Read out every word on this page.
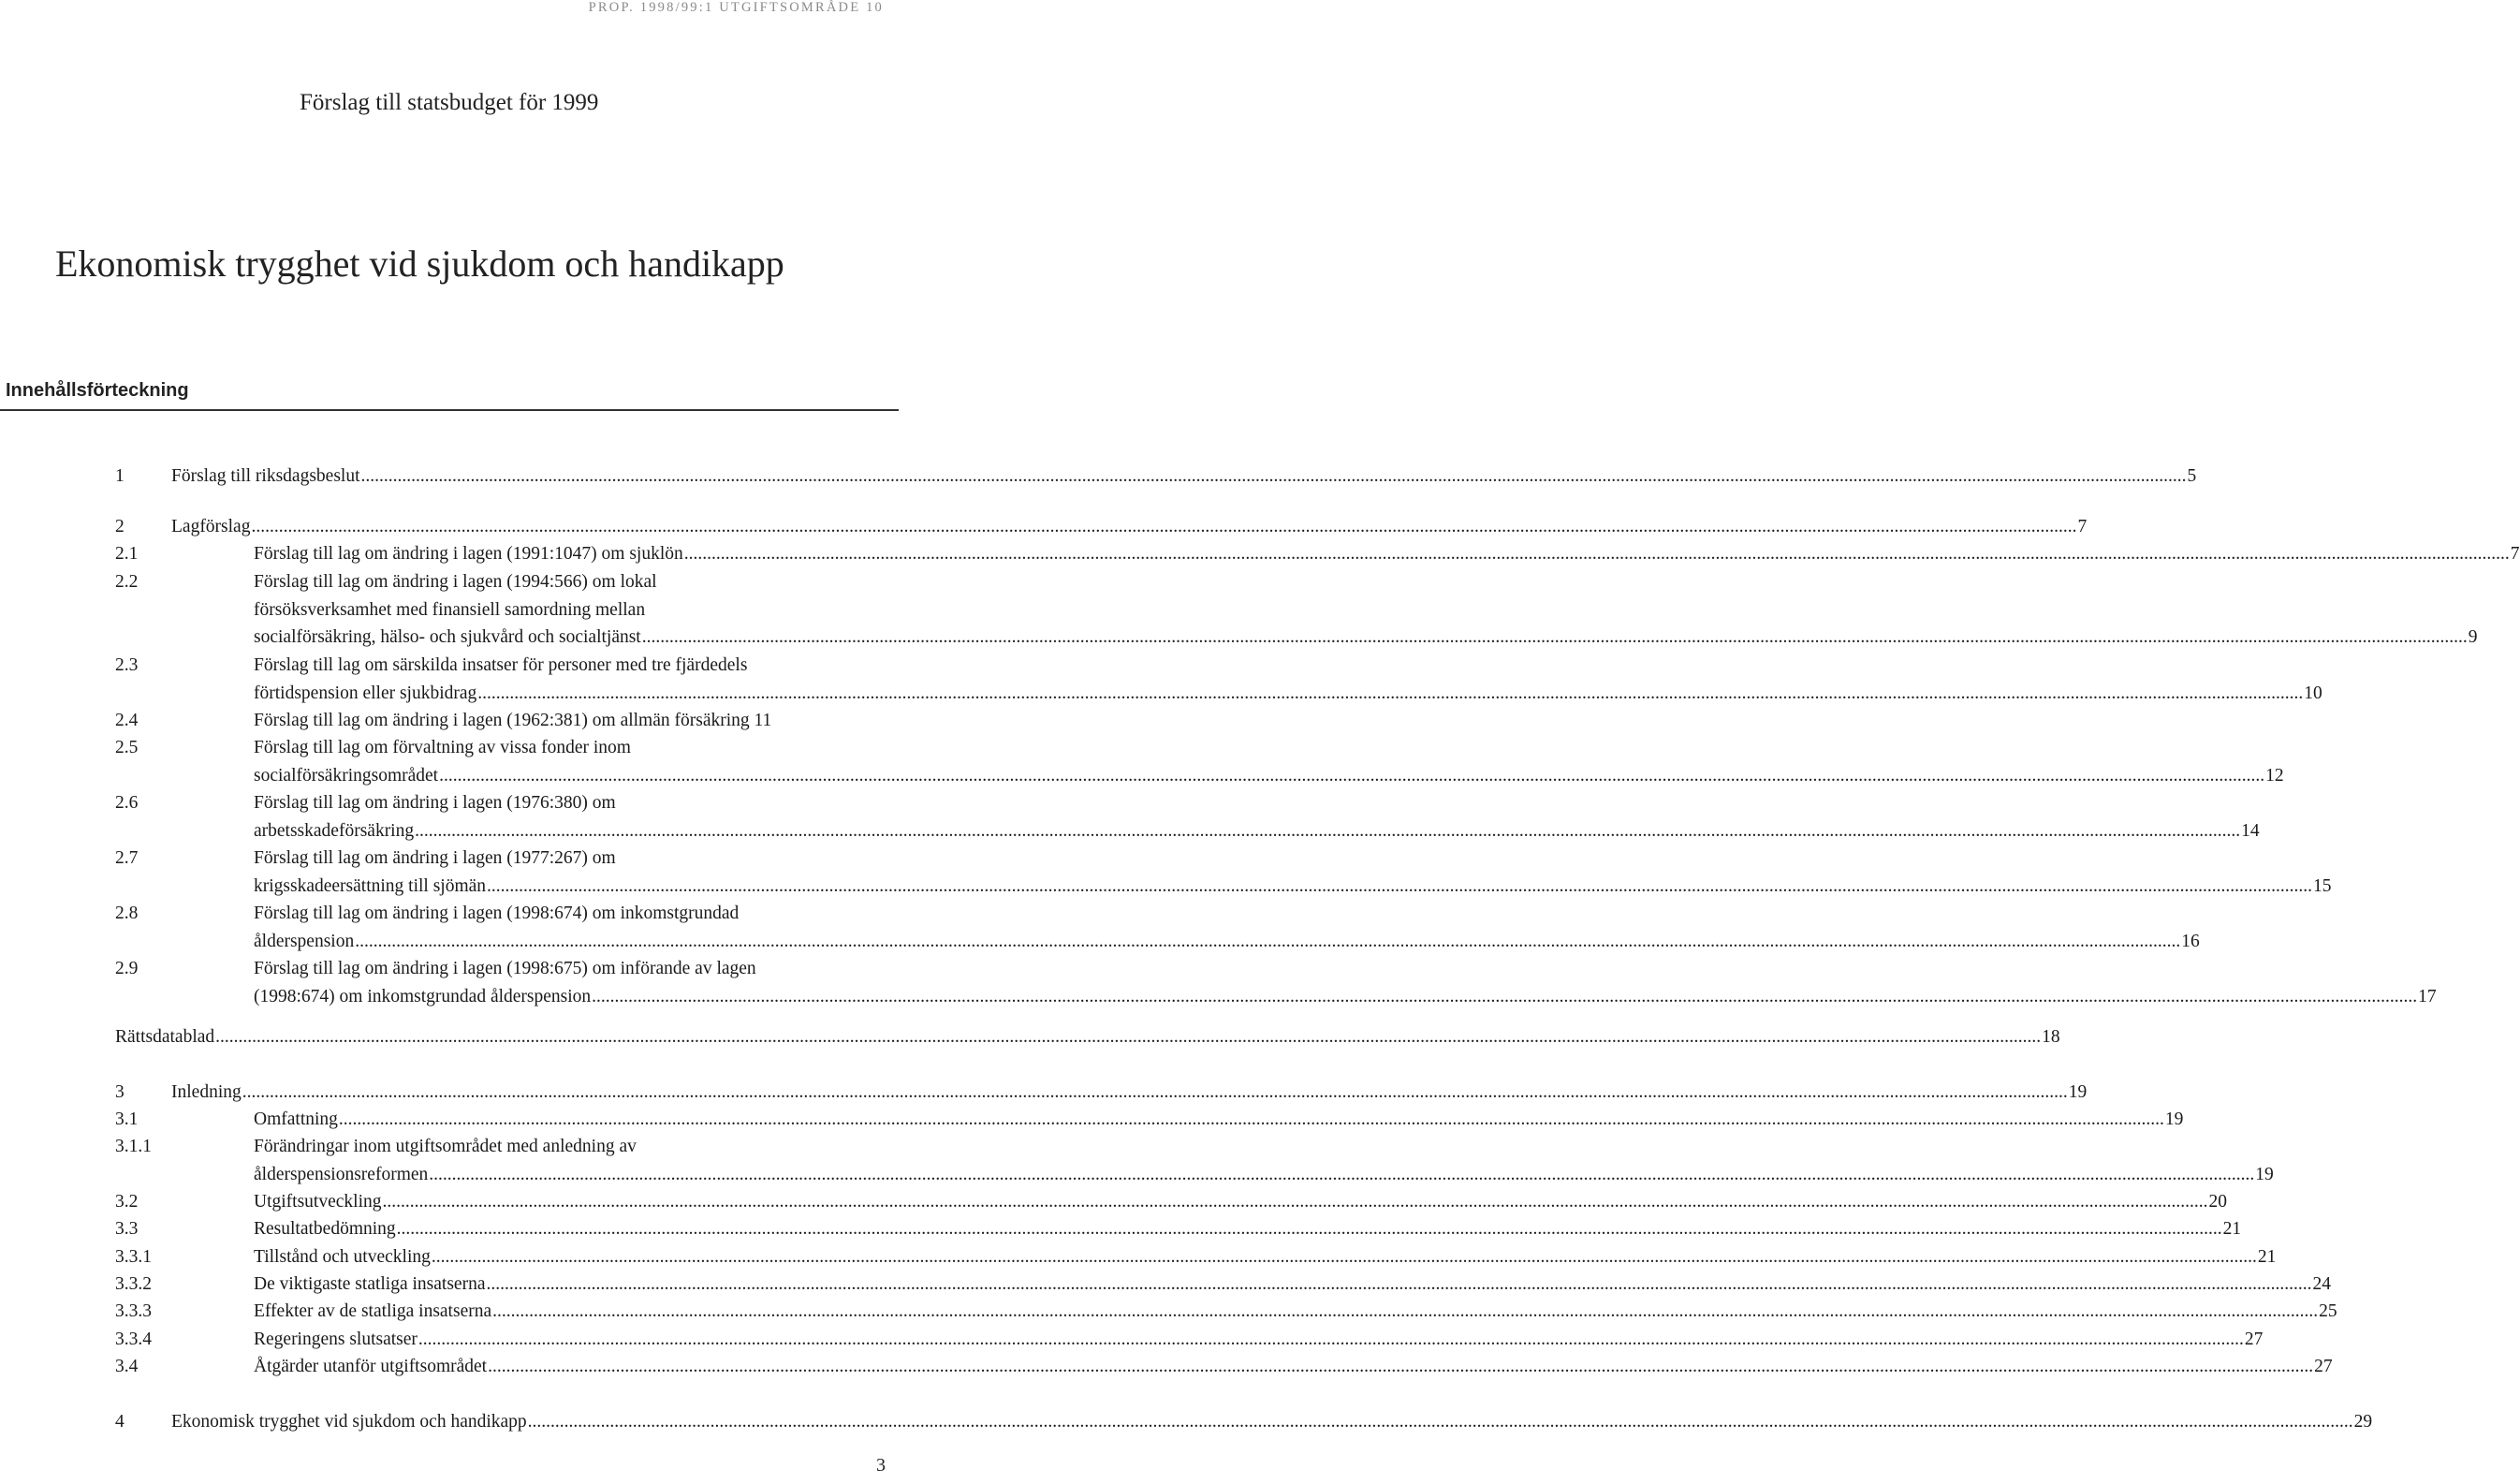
PROP. 1998/99:1 UTGIFTSOMRÅDE 10
Förslag till statsbudget för 1999
Ekonomisk trygghet vid sjukdom och handikapp
Innehållsförteckning
1	Förslag till riksdagsbeslut ................................................................................................................................................................................................................................................................................................................................................................................................................ 5
2	Lagförslag ................................................................................................................................................................................................................................................................................................................................................................................................................ 7
2.1	Förslag till lag om ändring i lagen (1991:1047) om sjuklön ................................................................................................................................................................................................................................................................................................................................................................................................................ 7
2.2	Förslag till lag om ändring i lagen (1994:566) om lokal
försöksverksamhet med finansiell samordning mellan
socialförsäkring, hälso- och sjukvård och socialtjänst ................................................................................................................................................................................................................................................................................................................................................................................................................ 9
2.3	Förslag till lag om särskilda insatser för personer med tre fjärdedels
förtidspension eller sjukbidrag ................................................................................................................................................................................................................................................................................................................................................................................................................ 10
2.4	Förslag till lag om ändring i lagen (1962:381) om allmän försäkring 11
2.5	Förslag till lag om förvaltning av vissa fonder inom
socialförsäkringsområdet ................................................................................................................................................................................................................................................................................................................................................................................................................ 12
2.6	Förslag till lag om ändring i lagen (1976:380) om
arbetsskadeförsäkring ................................................................................................................................................................................................................................................................................................................................................................................................................ 14
2.7	Förslag till lag om ändring i lagen (1977:267) om
krigsskadeersättning till sjömän ................................................................................................................................................................................................................................................................................................................................................................................................................ 15
2.8	Förslag till lag om ändring i lagen (1998:674) om inkomstgrundad
ålderspension ................................................................................................................................................................................................................................................................................................................................................................................................................ 16
2.9	Förslag till lag om ändring i lagen (1998:675) om införande av lagen
(1998:674) om inkomstgrundad ålderspension ................................................................................................................................................................................................................................................................................................................................................................................................................ 17
Rättsdatablad ................................................................................................................................................................................................................................................................................................................................................................................................................ 18
3	Inledning ................................................................................................................................................................................................................................................................................................................................................................................................................ 19
3.1	Omfattning ................................................................................................................................................................................................................................................................................................................................................................................................................ 19
3.1.1	Förändringar inom utgiftsområdet med anledning av
ålderspensionsreformen ................................................................................................................................................................................................................................................................................................................................................................................................................ 19
3.2	Utgiftsutveckling ................................................................................................................................................................................................................................................................................................................................................................................................................ 20
3.3	Resultatbedömning ................................................................................................................................................................................................................................................................................................................................................................................................................ 21
3.3.1	Tillstånd och utveckling ................................................................................................................................................................................................................................................................................................................................................................................................................ 21
3.3.2	De viktigaste statliga insatserna ................................................................................................................................................................................................................................................................................................................................................................................................................ 24
3.3.3	Effekter av de statliga insatserna ................................................................................................................................................................................................................................................................................................................................................................................................................ 25
3.3.4	Regeringens slutsatser ................................................................................................................................................................................................................................................................................................................................................................................................................ 27
3.4	Åtgärder utanför utgiftsområdet ................................................................................................................................................................................................................................................................................................................................................................................................................ 27
4	Ekonomisk trygghet vid sjukdom och handikapp ................................................................................................................................................................................................................................................................................................................................................................................................................ 29
3
